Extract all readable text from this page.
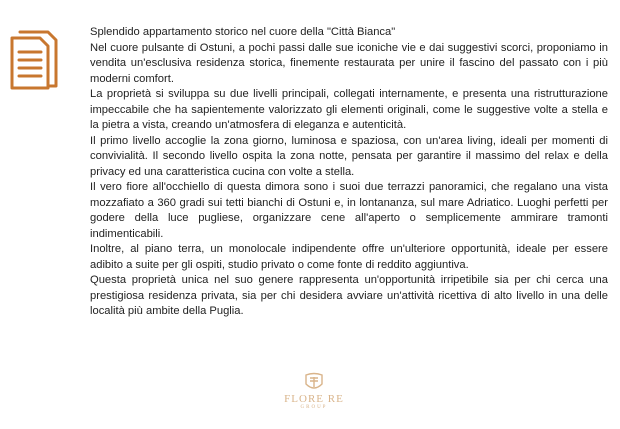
Splendido appartamento storico nel cuore della "Città Bianca"

Nel cuore pulsante di Ostuni, a pochi passi dalle sue iconiche vie e dai suggestivi scorci, proponiamo in vendita un'esclusiva residenza storica, finemente restaurata per unire il fascino del passato con i più moderni comfort.

La proprietà si sviluppa su due livelli principali, collegati internamente, e presenta una ristrutturazione impeccabile che ha sapientemente valorizzato gli elementi originali, come le suggestive volte a stella e la pietra a vista, creando un'atmosfera di eleganza e autenticità.

Il primo livello accoglie la zona giorno, luminosa e spaziosa, con un'area living, ideali per momenti di convivialità. Il secondo livello ospita la zona notte, pensata per garantire il massimo del relax e della privacy ed una caratteristica cucina con volte a stella.

Il vero fiore all'occhiello di questa dimora sono i suoi due terrazzi panoramici, che regalano una vista mozzafiato a 360 gradi sui tetti bianchi di Ostuni e, in lontananza, sul mare Adriatico. Luoghi perfetti per godere della luce pugliese, organizzare cene all'aperto o semplicemente ammirare tramonti indimenticabili.

Inoltre, al piano terra, un monolocale indipendente offre un'ulteriore opportunità, ideale per essere adibito a suite per gli ospiti, studio privato o come fonte di reddito aggiuntiva.

Questa proprietà unica nel suo genere rappresenta un'opportunità irripetibile sia per chi cerca una prestigiosa residenza privata, sia per chi desidera avviare un'attività ricettiva di alto livello in una delle località più ambite della Puglia.

FLORE RE
GROUP
